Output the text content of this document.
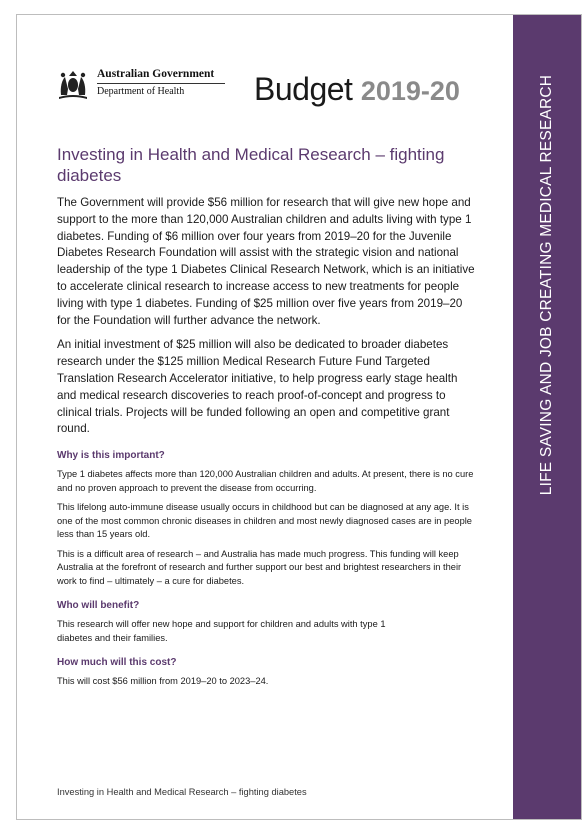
LIFE SAVING AND JOB CREATING MEDICAL RESEARCH
Australian Government
Department of Health	Budget 2019-20
Investing in Health and Medical Research – fighting diabetes

The Government will provide $56 million for research that will give new hope and support to the more than 120,000 Australian children and adults living with type 1 diabetes. Funding of $6 million over four years from 2019–20 for the Juvenile Diabetes Research Foundation will assist with the strategic vision and national leadership of the type 1 Diabetes Clinical Research Network, which is an initiative to accelerate clinical research to increase access to new treatments for people living with type 1 diabetes. Funding of $25 million over five years from 2019–20 for the Foundation will further advance the network.

An initial investment of $25 million will also be dedicated to broader diabetes research under the $125 million Medical Research Future Fund Targeted Translation Research Accelerator initiative, to help progress early stage health and medical research discoveries to reach proof-of-concept and progress to clinical trials. Projects will be funded following an open and competitive grant round.

Why is this important?

Type 1 diabetes affects more than 120,000 Australian children and adults. At present, there is no cure and no proven approach to prevent the disease from occurring.

This lifelong auto-immune disease usually occurs in childhood but can be diagnosed at any age. It is one of the most common chronic diseases in children and most newly diagnosed cases are in people less than 15 years old.

This is a difficult area of research – and Australia has made much progress. This funding will keep Australia at the forefront of research and further support our best and brightest researchers in their work to find – ultimately – a cure for diabetes.

Who will benefit?

This research will offer new hope and support for children and adults with type 1 diabetes and their families.

How much will this cost?

This will cost $56 million from 2019–20 to 2023–24.

Investing in Health and Medical Research – fighting diabetes
